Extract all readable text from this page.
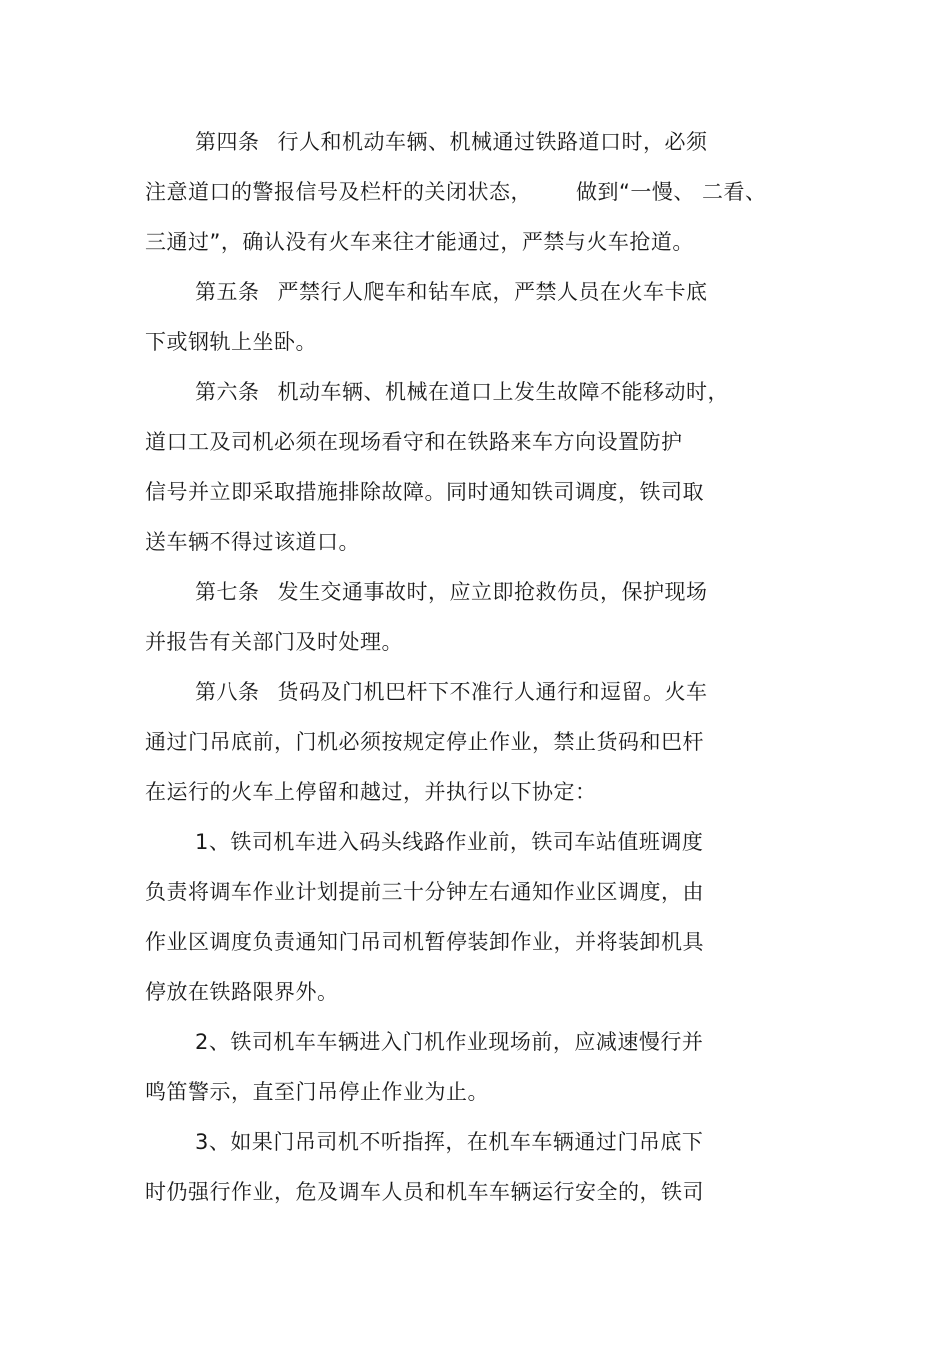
第四条 行人和机动车辆、机械通过铁路道口时，必须
注意道口的警报信号及栏杆的关闭状态， 做到“一慢、 二看、
三通过”，确认没有火车来往才能通过，严禁与火车抢道。
第五条 严禁行人爬车和钻车底，严禁人员在火车卡底
下或钢轨上坐卧。
第六条 机动车辆、机械在道口上发生故障不能移动时，
道口工及司机必须在现场看守和在铁路来车方向设置防护
信号并立即采取措施排除故障。同时通知铁司调度，铁司取
送车辆不得过该道口。
第七条 发生交通事故时，应立即抢救伤员，保护现场
并报告有关部门及时处理。
第八条 货码及门机巴杆下不准行人通行和逗留。火车
通过门吊底前，门机必须按规定停止作业，禁止货码和巴杆
在运行的火车上停留和越过，并执行以下协定：
1、铁司机车进入码头线路作业前，铁司车站值班调度
负责将调车作业计划提前三十分钟左右通知作业区调度，由
作业区调度负责通知门吊司机暂停装卸作业，并将装卸机具
停放在铁路限界外。
2、铁司机车车辆进入门机作业现场前，应减速慢行并
鸣笛警示，直至门吊停止作业为止。
3、如果门吊司机不听指挥，在机车车辆通过门吊底下
时仍强行作业，危及调车人员和机车车辆运行安全的，铁司
